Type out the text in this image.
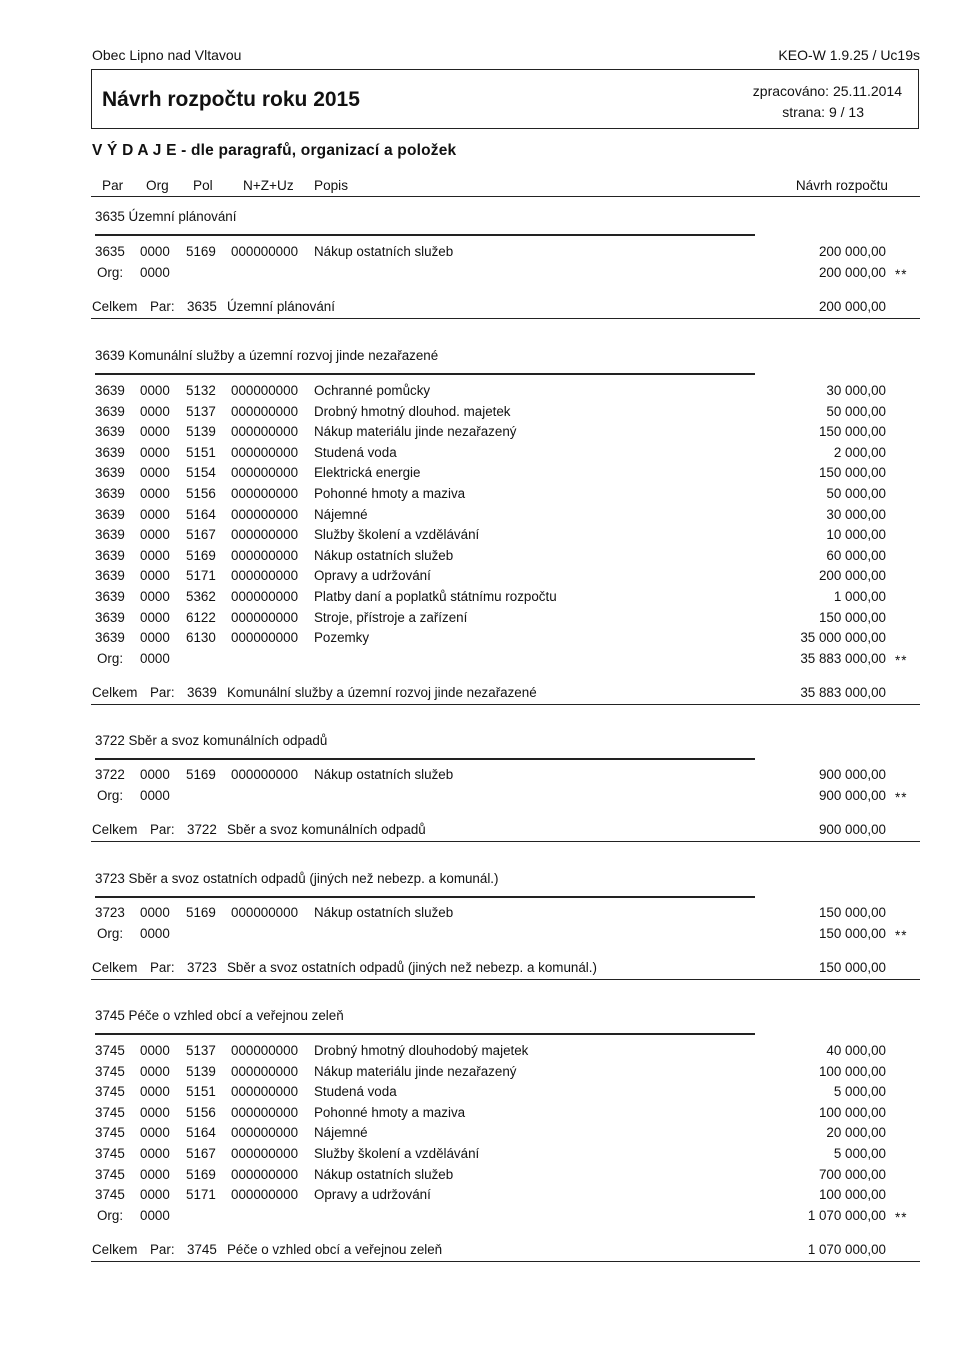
Obec Lipno nad Vltavou	KEO-W 1.9.25 / Uc19s
Návrh rozpočtu roku 2015	zpracováno: 25.11.2014
strana: 9 / 13
V Ý D A J E - dle paragrafů, organizací a položek
Par Org Pol N+Z+Uz Popis	Návrh rozpočtu
3635 Územní plánování
3635 0000 5169 000000000 Nákup ostatních služeb	200 000,00
Org: 0000	200 000,00 **
Celkem Par: 3635 Územní plánování	200 000,00
3639 Komunální služby a územní rozvoj jinde nezařazené
3639 0000 5132 000000000 Ochranné pomůcky	30 000,00
3639 0000 5137 000000000 Drobný hmotný dlouhod. majetek	50 000,00
3639 0000 5139 000000000 Nákup materiálu jinde nezařazený	150 000,00
3639 0000 5151 000000000 Studená voda	2 000,00
3639 0000 5154 000000000 Elektrická energie	150 000,00
3639 0000 5156 000000000 Pohonné hmoty a maziva	50 000,00
3639 0000 5164 000000000 Nájemné	30 000,00
3639 0000 5167 000000000 Služby školení a vzdělávání	10 000,00
3639 0000 5169 000000000 Nákup ostatních služeb	60 000,00
3639 0000 5171 000000000 Opravy a udržování	200 000,00
3639 0000 5362 000000000 Platby daní a poplatků státnímu rozpočtu	1 000,00
3639 0000 6122 000000000 Stroje, přístroje a zařízení	150 000,00
3639 0000 6130 000000000 Pozemky	35 000 000,00
Org: 0000	35 883 000,00 **
Celkem Par: 3639 Komunální služby a územní rozvoj jinde nezařazené	35 883 000,00
3722 Sběr a svoz komunálních odpadů
3722 0000 5169 000000000 Nákup ostatních služeb	900 000,00
Org: 0000	900 000,00 **
Celkem Par: 3722 Sběr a svoz komunálních odpadů	900 000,00
3723 Sběr a svoz ostatních odpadů (jiných než nebezp. a komunál.)
3723 0000 5169 000000000 Nákup ostatních služeb	150 000,00
Org: 0000	150 000,00 **
Celkem Par: 3723 Sběr a svoz ostatních odpadů (jiných než nebezp. a komunál.)	150 000,00
3745 Péče o vzhled obcí a veřejnou zeleň
3745 0000 5137 000000000 Drobný hmotný dlouhodobý majetek	40 000,00
3745 0000 5139 000000000 Nákup materiálu jinde nezařazený	100 000,00
3745 0000 5151 000000000 Studená voda	5 000,00
3745 0000 5156 000000000 Pohonné hmoty a maziva	100 000,00
3745 0000 5164 000000000 Nájemné	20 000,00
3745 0000 5167 000000000 Služby školení a vzdělávání	5 000,00
3745 0000 5169 000000000 Nákup ostatních služeb	700 000,00
3745 0000 5171 000000000 Opravy a udržování	100 000,00
Org: 0000	1 070 000,00 **
Celkem Par: 3745 Péče o vzhled obcí a veřejnou zeleň	1 070 000,00
